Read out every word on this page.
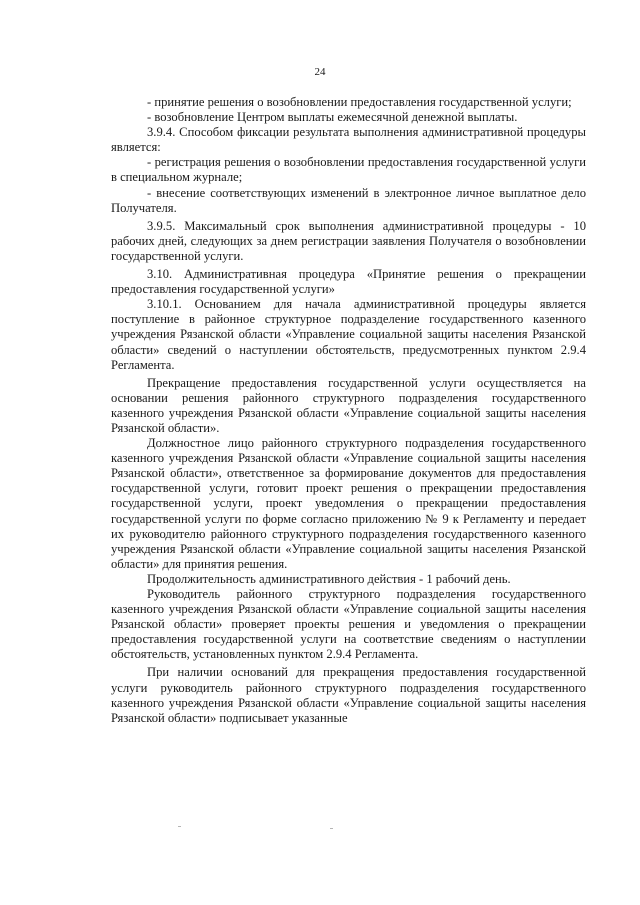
24

- принятие решения о возобновлении предоставления государственной услуги;

- возобновление Центром выплаты ежемесячной денежной выплаты.

3.9.4. Способом фиксации результата выполнения административной процедуры является:

- регистрация решения о возобновлении предоставления государственной услуги в специальном журнале;

- внесение соответствующих изменений в электронное личное выплатное дело Получателя.

3.9.5. Максимальный срок выполнения административной процедуры - 10 рабочих дней, следующих за днем регистрации заявления Получателя о возобновлении государственной услуги.

3.10. Административная процедура «Принятие решения о прекращении предоставления государственной услуги»

3.10.1. Основанием для начала административной процедуры является поступление в районное структурное подразделение государственного казенного учреждения Рязанской области «Управление социальной защиты населения Рязанской области» сведений о наступлении обстоятельств, предусмотренных пунктом 2.9.4 Регламента.

Прекращение предоставления государственной услуги осуществляется на основании решения районного структурного подразделения государственного казенного учреждения Рязанской области «Управление социальной защиты населения Рязанской области».

Должностное лицо районного структурного подразделения государственного казенного учреждения Рязанской области «Управление социальной защиты населения Рязанской области», ответственное за формирование документов для предоставления государственной услуги, готовит проект решения о прекращении предоставления государственной услуги, проект уведомления о прекращении предоставления государственной услуги по форме согласно приложению № 9 к Регламенту и передает их руководителю районного структурного подразделения государственного казенного учреждения Рязанской области «Управление социальной защиты населения Рязанской области» для принятия решения.

Продолжительность административного действия - 1 рабочий день.

Руководитель районного структурного подразделения государственного казенного учреждения Рязанской области «Управление социальной защиты населения Рязанской области» проверяет проекты решения и уведомления о прекращении предоставления государственной услуги на соответствие сведениям о наступлении обстоятельств, установленных пунктом 2.9.4 Регламента.

При наличии оснований для прекращения предоставления государственной услуги руководитель районного структурного подразделения государственного казенного учреждения Рязанской области «Управление социальной защиты населения Рязанской области» подписывает указанные
